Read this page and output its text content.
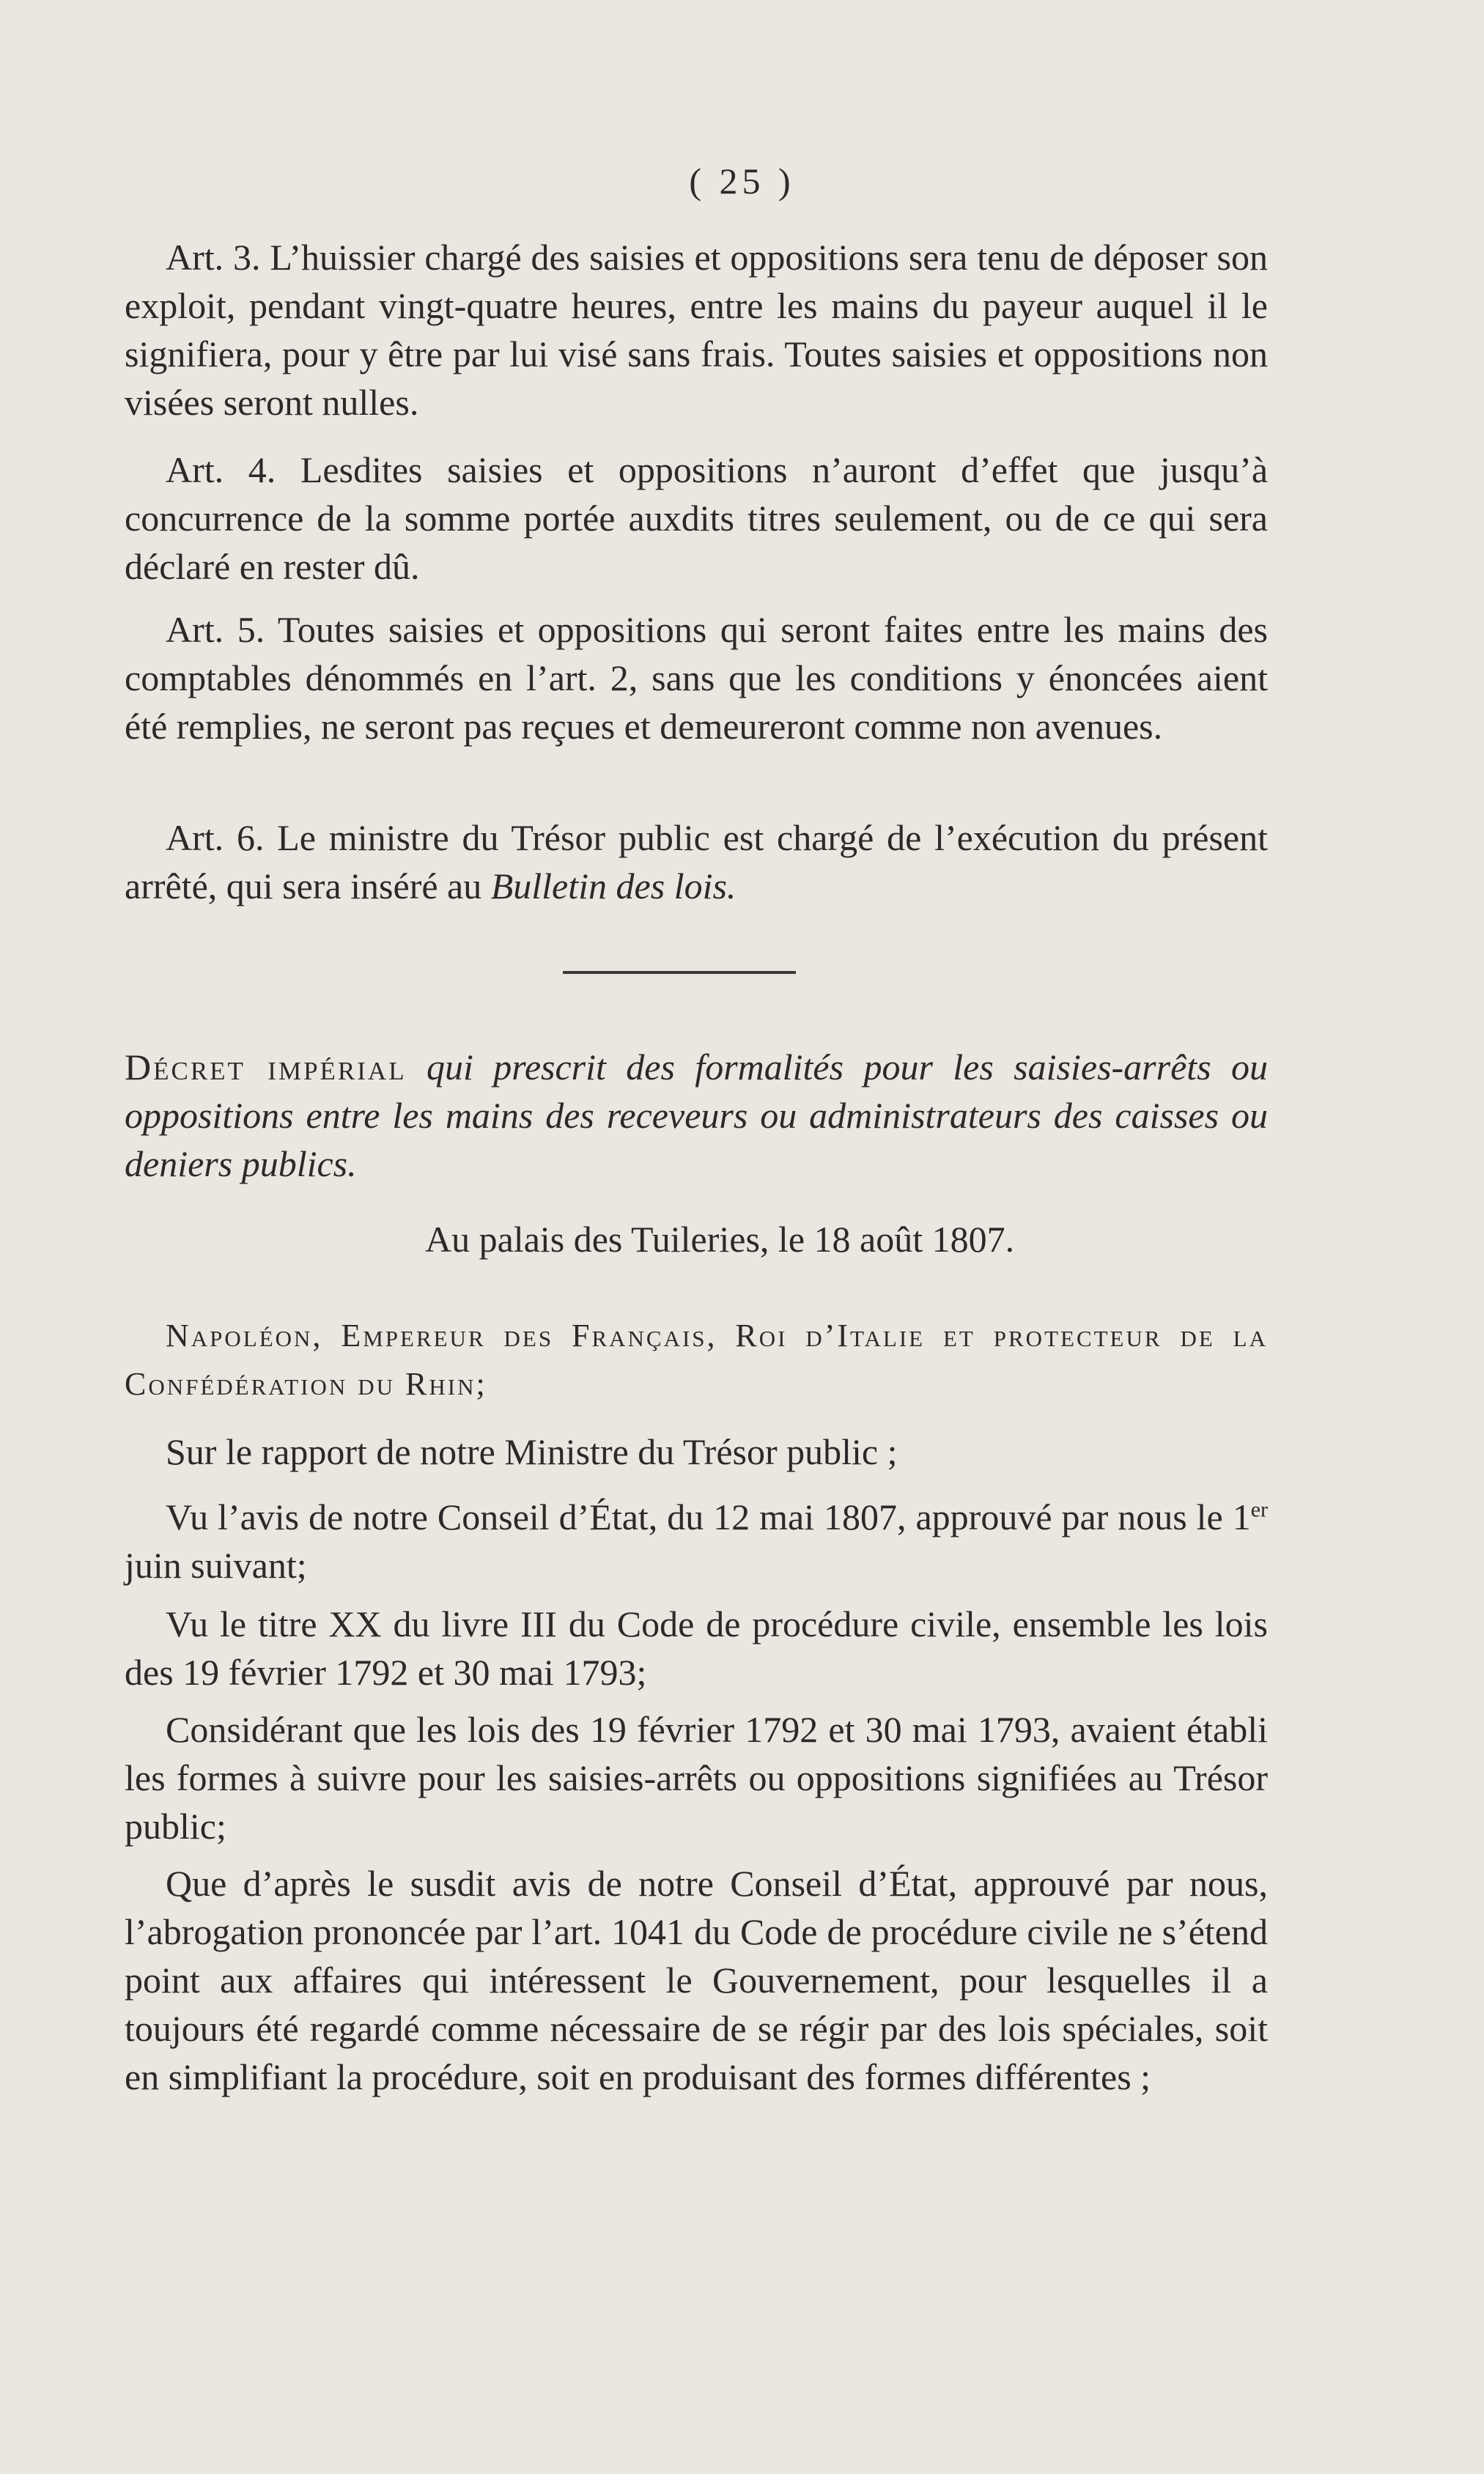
( 25 )

Art. 3. L’huissier chargé des saisies et oppositions sera tenu de déposer son exploit, pendant vingt-quatre heures, entre les mains du payeur auquel il le signifiera, pour y être par lui visé sans frais. Toutes saisies et oppositions non visées seront nulles.

Art. 4. Lesdites saisies et oppositions n’auront d’effet que jusqu’à concurrence de la somme portée auxdits titres seulement, ou de ce qui sera déclaré en rester dû.

Art. 5. Toutes saisies et oppositions qui seront faites entre les mains des comptables dénommés en l’art. 2, sans que les conditions y énoncées aient été remplies, ne seront pas reçues et demeureront comme non avenues.

Art. 6. Le ministre du Trésor public est chargé de l’exécution du présent arrêté, qui sera inséré au Bulletin des lois.

Décret impérial qui prescrit des formalités pour les saisies-arrêts ou oppositions entre les mains des receveurs ou administrateurs des caisses ou deniers publics.

Au palais des Tuileries, le 18 août 1807.

Napoléon, Empereur des Français, Roi d’Italie et protecteur de la Confédération du Rhin;

Sur le rapport de notre Ministre du Trésor public ;

Vu l’avis de notre Conseil d’État, du 12 mai 1807, approuvé par nous le 1er juin suivant;

Vu le titre XX du livre III du Code de procédure civile, ensemble les lois des 19 février 1792 et 30 mai 1793;

Considérant que les lois des 19 février 1792 et 30 mai 1793, avaient établi les formes à suivre pour les saisies-arrêts ou oppositions signifiées au Trésor public;

Que d’après le susdit avis de notre Conseil d’État, approuvé par nous, l’abrogation prononcée par l’art. 1041 du Code de procédure civile ne s’étend point aux affaires qui intéressent le Gouvernement, pour lesquelles il a toujours été regardé comme nécessaire de se régir par des lois spéciales, soit en simplifiant la procédure, soit en produisant des formes différentes ;
